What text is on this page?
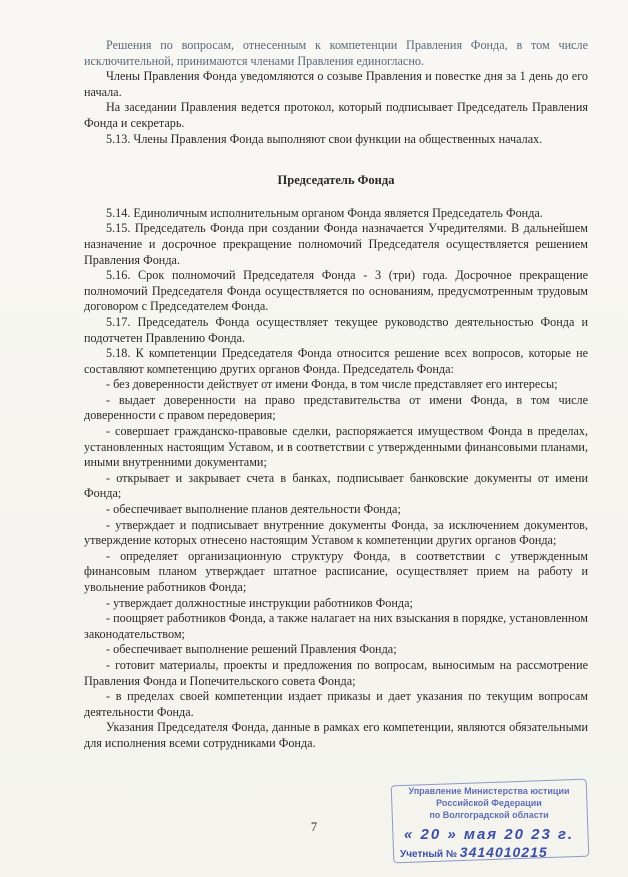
Решения по вопросам, отнесенным к компетенции Правления Фонда, в том числе исключительной, принимаются членами Правления единогласно.

Члены Правления Фонда уведомляются о созыве Правления и повестке дня за 1 день до его начала.

На заседании Правления ведется протокол, который подписывает Председатель Правления Фонда и секретарь.

5.13. Члены Правления Фонда выполняют свои функции на общественных началах.

Председатель Фонда

5.14. Единоличным исполнительным органом Фонда является Председатель Фонда.

5.15. Председатель Фонда при создании Фонда назначается Учредителями. В дальнейшем назначение и досрочное прекращение полномочий Председателя осуществляется решением Правления Фонда.

5.16. Срок полномочий Председателя Фонда - 3 (три) года. Досрочное прекращение полномочий Председателя Фонда осуществляется по основаниям, предусмотренным трудовым договором с Председателем Фонда.

5.17. Председатель Фонда осуществляет текущее руководство деятельностью Фонда и подотчетен Правлению Фонда.

5.18. К компетенции Председателя Фонда относится решение всех вопросов, которые не составляют компетенцию других органов Фонда. Председатель Фонда:

- без доверенности действует от имени Фонда, в том числе представляет его интересы;

- выдает доверенности на право представительства от имени Фонда, в том числе доверенности с правом передоверия;

- совершает гражданско-правовые сделки, распоряжается имуществом Фонда в пределах, установленных настоящим Уставом, и в соответствии с утвержденными финансовыми планами, иными внутренними документами;

- открывает и закрывает счета в банках, подписывает банковские документы от имени Фонда;

- обеспечивает выполнение планов деятельности Фонда;

- утверждает и подписывает внутренние документы Фонда, за исключением документов, утверждение которых отнесено настоящим Уставом к компетенции других органов Фонда;

- определяет организационную структуру Фонда, в соответствии с утвержденным финансовым планом утверждает штатное расписание, осуществляет прием на работу и увольнение работников Фонда;

- утверждает должностные инструкции работников Фонда;

- поощряет работников Фонда, а также налагает на них взыскания в порядке, установленном законодательством;

- обеспечивает выполнение решений Правления Фонда;

- готовит материалы, проекты и предложения по вопросам, выносимым на рассмотрение Правления Фонда и Попечительского совета Фонда;

- в пределах своей компетенции издает приказы и дает указания по текущим вопросам деятельности Фонда.

Указания Председателя Фонда, данные в рамках его компетенции, являются обязательными для исполнения всеми сотрудниками Фонда.

7
Управление Министерства юстиции
Российской Федерации
по Волгоградской области
« 20 » мая 20 23 г.
Учетный № 3414010215
